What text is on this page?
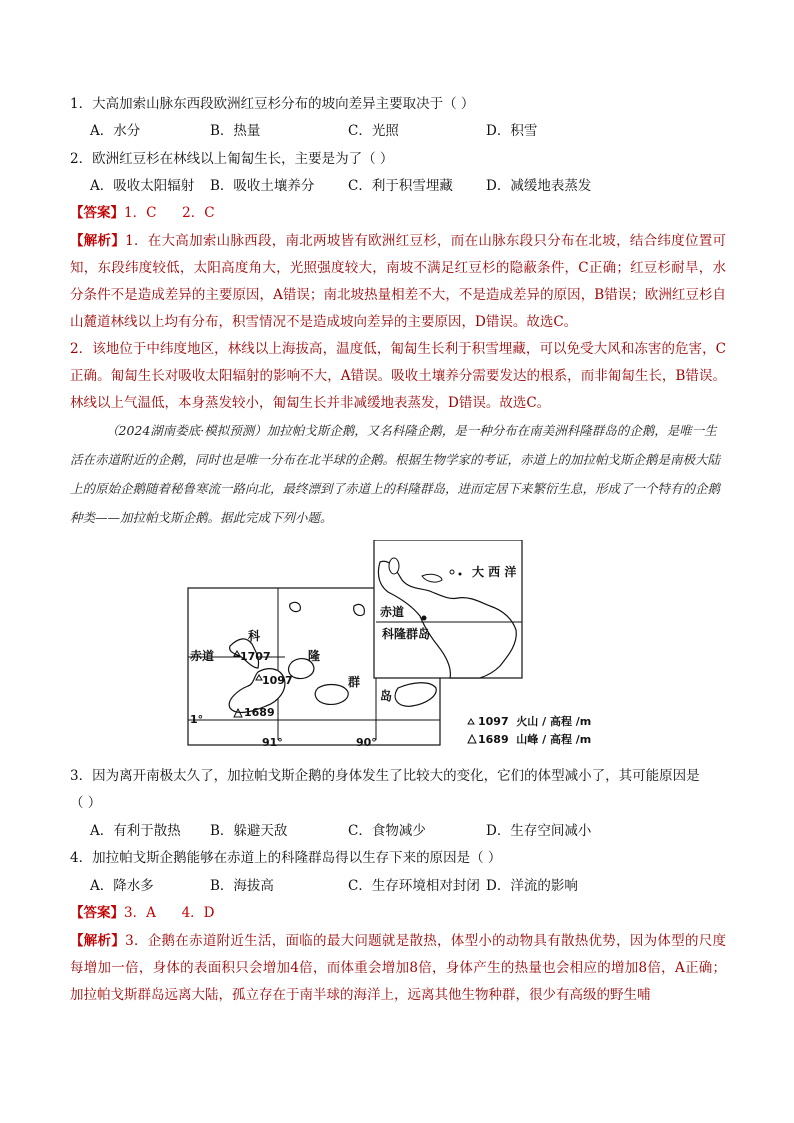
1．大高加索山脉东西段欧洲红豆杉分布的坡向差异主要取决于（ ）
A．水分	B．热量	C．光照	D．积雪
2．欧洲红豆杉在林线以上匍匐生长，主要是为了（ ）
A．吸收太阳辐射 B．吸收土壤养分 C．利于积雪埋藏 D．减缓地表蒸发
【答案】1．C      2．C
【解析】1．在大高加索山脉西段，南北两坡皆有欧洲红豆杉，而在山脉东段只分布在北坡，结合纬度位置可知，东段纬度较低，太阳高度角大，光照强度较大，南坡不满足红豆杉的隐蔽条件，C正确；红豆杉耐旱，水分条件不是造成差异的主要原因，A错误；南北坡热量相差不大，不是造成差异的原因，B错误；欧洲红豆杉自山麓道林线以上均有分布，积雪情况不是造成坡向差异的主要原因，D错误。故选C。
2．该地位于中纬度地区，林线以上海拔高，温度低，匍匐生长利于积雪埋藏，可以免受大风和冻害的危害，C正确。匍匐生长对吸收太阳辐射的影响不大，A错误。吸收土壤养分需要发达的根系，而非匍匐生长，B错误。林线以上气温低，本身蒸发较小，匍匐生长并非减缓地表蒸发，D错误。故选C。
（2024湖南娄底·模拟预测）加拉帕戈斯企鹅，又名科隆企鹅，是一种分布在南美洲科隆群岛的企鹅，是唯一生活在赤道附近的企鹅，同时也是唯一分布在北半球的企鹅。根据生物学家的考证，赤道上的加拉帕戈斯企鹅是南极大陆上的原始企鹅随着秘鲁寒流一路向北，最终漂到了赤道上的科隆群岛，进而定居下来繁衍生息，形成了一个特有的企鹅种类——加拉帕戈斯企鹅。据此完成下列小题。
赤道
科
隆
群
岛
1707
1097
1689
1°
91°	90°
大 西 洋
赤道
科隆群岛
1097  火山 / 高程 /m
1689  山峰 / 高程 /m
3．因为离开南极太久了，加拉帕戈斯企鹅的身体发生了比较大的变化，它们的体型减小了，其可能原因是
（ ）
A．有利于散热 B．躲避天敌	C．食物减少	D．生存空间减小
4．加拉帕戈斯企鹅能够在赤道上的科隆群岛得以生存下来的原因是（ ）
A．降水多	B．海拔高	C．生存环境相对封闭 D．洋流的影响
【答案】3．A      4．D
【解析】3．企鹅在赤道附近生活，面临的最大问题就是散热，体型小的动物具有散热优势，因为体型的尺度每增加一倍，身体的表面积只会增加4倍，而体重会增加8倍，身体产生的热量也会相应的增加8倍，A正确；加拉帕戈斯群岛远离大陆，孤立存在于南半球的海洋上，远离其他生物种群，很少有高级的野生哺
